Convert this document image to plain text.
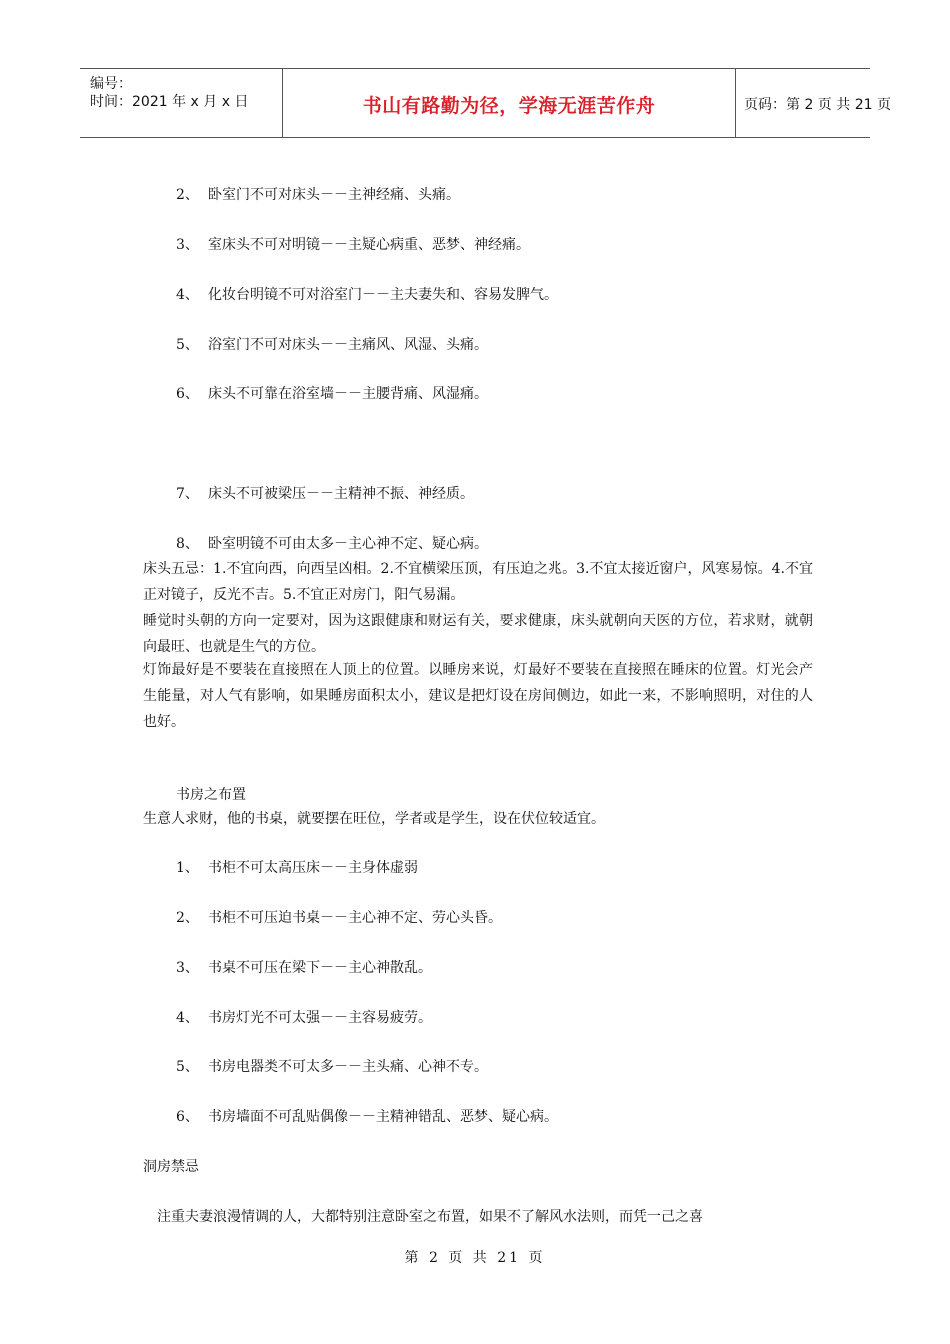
编号：
时间：2021 年 x 月 x 日	书山有路勤为径，学海无涯苦作舟	页码：第 2 页 共 21 页
2、 卧室门不可对床头－－主神经痛、头痛。
3、 室床头不可对明镜－－主疑心病重、恶梦、神经痛。
4、 化妆台明镜不可对浴室门－－主夫妻失和、容易发脾气。
5、 浴室门不可对床头－－主痛风、风湿、头痛。
6、 床头不可靠在浴室墙－－主腰背痛、风湿痛。
7、 床头不可被梁压－－主精神不振、神经质。
8、 卧室明镜不可由太多－主心神不定、疑心病。
床头五忌：1.不宜向西，向西呈凶相。2.不宜横梁压顶，有压迫之兆。3.不宜太接近窗户，风寒易惊。4.不宜正对镜子，反光不吉。5.不宜正对房门，阳气易漏。
睡觉时头朝的方向一定要对，因为这跟健康和财运有关，要求健康，床头就朝向天医的方位，若求财，就朝向最旺、也就是生气的方位。
灯饰最好是不要装在直接照在人顶上的位置。以睡房来说，灯最好不要装在直接照在睡床的位置。灯光会产生能量，对人气有影响，如果睡房面积太小，建议是把灯设在房间侧边，如此一来，不影响照明，对住的人也好。
书房之布置
生意人求财，他的书桌，就要摆在旺位，学者或是学生，设在伏位较适宜。
1、 书柜不可太高压床－－主身体虚弱
2、 书柜不可压迫书桌－－主心神不定、劳心头昏。
3、 书桌不可压在梁下－－主心神散乱。
4、 书房灯光不可太强－－主容易疲劳。
5、 书房电器类不可太多－－主头痛、心神不专。
6、 书房墙面不可乱贴偶像－－主精神错乱、恶梦、疑心病。
洞房禁忌
注重夫妻浪漫情调的人，大都特别注意卧室之布置，如果不了解风水法则，而凭一己之喜
第 2 页 共 21 页
